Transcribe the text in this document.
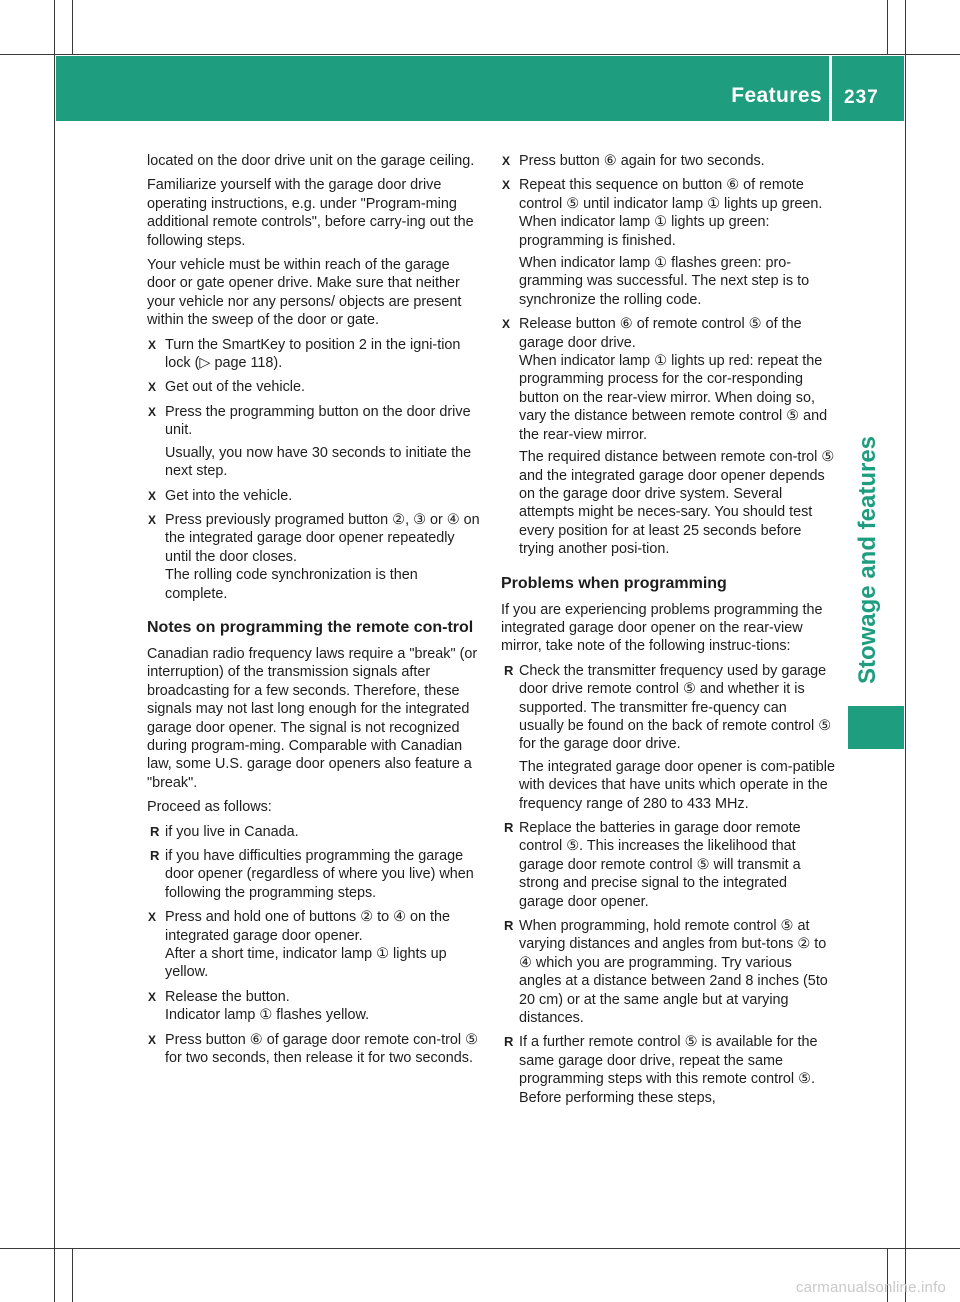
Features 237
Stowage and features

located on the door drive unit on the garage ceiling.

Familiarize yourself with the garage door drive operating instructions, e.g. under "Program-ming additional remote controls", before carry-ing out the following steps.

Your vehicle must be within reach of the garage door or gate opener drive. Make sure that neither your vehicle nor any persons/ objects are present within the sweep of the door or gate.

X Turn the SmartKey to position 2 in the igni-tion lock (▷ page 118).
X Get out of the vehicle.
X Press the programming button on the door drive unit.

Usually, you now have 30 seconds to initiate the next step.

X Get into the vehicle.
X Press previously programed button ②, ③ or ④ on the integrated garage door opener repeatedly until the door closes.
The rolling code synchronization is then complete.
Notes on programming the remote con-trol

Canadian radio frequency laws require a "break" (or interruption) of the transmission signals after broadcasting for a few seconds. Therefore, these signals may not last long enough for the integrated garage door opener. The signal is not recognized during program-ming. Comparable with Canadian law, some U.S. garage door openers also feature a "break".

Proceed as follows:

R if you live in Canada.
R if you have difficulties programming the garage door opener (regardless of where you live) when following the programming steps.
X Press and hold one of buttons ② to ④ on the integrated garage door opener.
After a short time, indicator lamp ① lights up yellow.
X Release the button.
Indicator lamp ① flashes yellow.
X Press button ⑥ of garage door remote con-trol ⑤ for two seconds, then release it for two seconds.
X Press button ⑥ again for two seconds.
X Repeat this sequence on button ⑥ of remote control ⑤ until indicator lamp ① lights up green.
When indicator lamp ① lights up green: programming is finished.

When indicator lamp ① flashes green: pro-gramming was successful. The next step is to synchronize the rolling code.

X Release button ⑥ of remote control ⑤ of the garage door drive.
When indicator lamp ① lights up red: repeat the programming process for the cor-responding button on the rear-view mirror. When doing so, vary the distance between remote control ⑤ and the rear-view mirror.

The required distance between remote con-trol ⑤ and the integrated garage door opener depends on the garage door drive system. Several attempts might be neces-sary. You should test every position for at least 25 seconds before trying another posi-tion.

Problems when programming

If you are experiencing problems programming the integrated garage door opener on the rear-view mirror, take note of the following instruc-tions:

R Check the transmitter frequency used by garage door drive remote control ⑤ and whether it is supported. The transmitter fre-quency can usually be found on the back of remote control ⑤ for the garage door drive.

The integrated garage door opener is com-patible with devices that have units which operate in the frequency range of 280 to 433 MHz.

R Replace the batteries in garage door remote control ⑤. This increases the likelihood that garage door remote control ⑤ will transmit a strong and precise signal to the integrated garage door opener.
R When programming, hold remote control ⑤ at varying distances and angles from but-tons ② to ④ which you are programming. Try various angles at a distance between 2and 8 inches (5to 20 cm) or at the same angle but at varying distances.
R If a further remote control ⑤ is available for the same garage door drive, repeat the same programming steps with this remote control ⑤. Before performing these steps,
carmanualsonline.info
